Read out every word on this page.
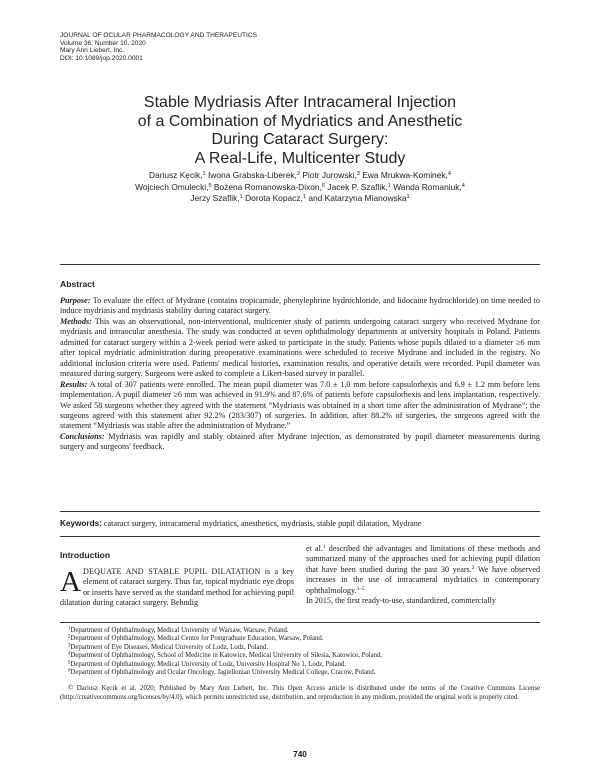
JOURNAL OF OCULAR PHARMACOLOGY AND THERAPEUTICS
Volume 36, Number 10, 2020
Mary Ann Liebert, Inc.
DOI: 10.1089/jop.2020.0001
Stable Mydriasis After Intracameral Injection
of a Combination of Mydriatics and Anesthetic
During Cataract Surgery:
A Real-Life, Multicenter Study
Dariusz Kęcik,$^1$ Iwona Grabska-Liberek,$^2$ Piotr Jurowski,$^3$ Ewa Mrukwa-Kominek,$^4$
Wojciech Omulecki,$^5$ Bożena Romanowska-Dixon,$^6$ Jacek P. Szaflik,$^1$ Wanda Romaniuk,$^4$
Jerzy Szaflik,$^1$ Dorota Kopacz,$^1$ and Katarzyna Mianowska$^1$
Abstract

Purpose: To evaluate the effect of Mydrane (contains tropicamide, phenylephrine hydrochloride, and lidocaine hydrochloride) on time needed to induce mydriasis and mydriasis stability during cataract surgery.

Methods: This was an observational, non-interventional, multicenter study of patients undergoing cataract surgery who received Mydrane for mydriasis and intraocular anesthesia. The study was conducted at seven ophthalmology departments at university hospitals in Poland. Patients admitted for cataract surgery within a 2-week period were asked to participate in the study. Patients whose pupils dilated to a diameter ≥6 mm after topical mydriatic administration during preoperative examinations were scheduled to receive Mydrane and included in the registry. No additional inclusion criteria were used. Patients' medical histories, examination results, and operative details were recorded. Pupil diameter was measured during surgery. Surgeons were asked to complete a Likert-based survey in parallel.

Results: A total of 307 patients were enrolled. The mean pupil diameter was 7.0 ± 1.0 mm before capsulorhexis and 6.9 ± 1.2 mm before lens implementation. A pupil diameter ≥6 mm was achieved in 91.9% and 87.6% of patients before capsulorhexis and lens implantation, respectively. We asked 58 surgeons whether they agreed with the statement “Mydriasis was obtained in a short time after the administration of Mydrane”; the surgeons agreed with this statement after 92.2% (283/307) of surgeries. In addition, after 88.2% of surgeries, the surgeons agreed with the statement “Mydriasis was stable after the administration of Mydrane.”

Conclusions: Mydriasis was rapidly and stably obtained after Mydrane injection, as demonstrated by pupil diameter measurements during surgery and surgeons' feedback.

Keywords: cataract surgery, intracameral mydriatics, anesthetics, mydriasis, stable pupil dilatation, Mydrane
Introduction

ADEQUATE AND STABLE PUPIL DILATATION is a key element of cataract surgery. Thus far, topical mydriatic eye drops or inserts have served as the standard method for achieving pupil dilatation during cataract surgery. Behndig

et al.$^1$ described the advantages and limitations of these methods and summarized many of the approaches used for achieving pupil dilation that have been studied during the past 30 years.$^2$ We have observed increases in the use of intracameral mydriatics in contemporary ophthalmology.$^{3-5}$
In 2015, the first ready-to-use, standardized, commercially

$^1$Department of Ophthalmology, Medical University of Warsaw, Warsaw, Poland.
$^2$Department of Ophthalmology, Medical Centre for Postgraduate Education, Warsaw, Poland.
$^3$Department of Eye Diseases, Medical University of Lodz, Lodz, Poland.
$^4$Department of Ophthalmology, School of Medicine in Katowice, Medical University of Silesia, Katowice, Poland.
$^5$Department of Ophthalmology, Medical University of Lodz, University Hospital No 1, Lodz, Poland.
$^6$Department of Ophthalmology and Ocular Oncology, Jagiellonian University Medical College, Cracow, Poland.
© Dariusz Kęcik et al. 2020; Published by Mary Ann Liebert, Inc. This Open Access article is distributed under the terms of the Creative Commons License (http://creativecommons.org/licenses/by/4.0), which permits unrestricted use, distribution, and reproduction in any medium, provided the original work is properly cited.
740
